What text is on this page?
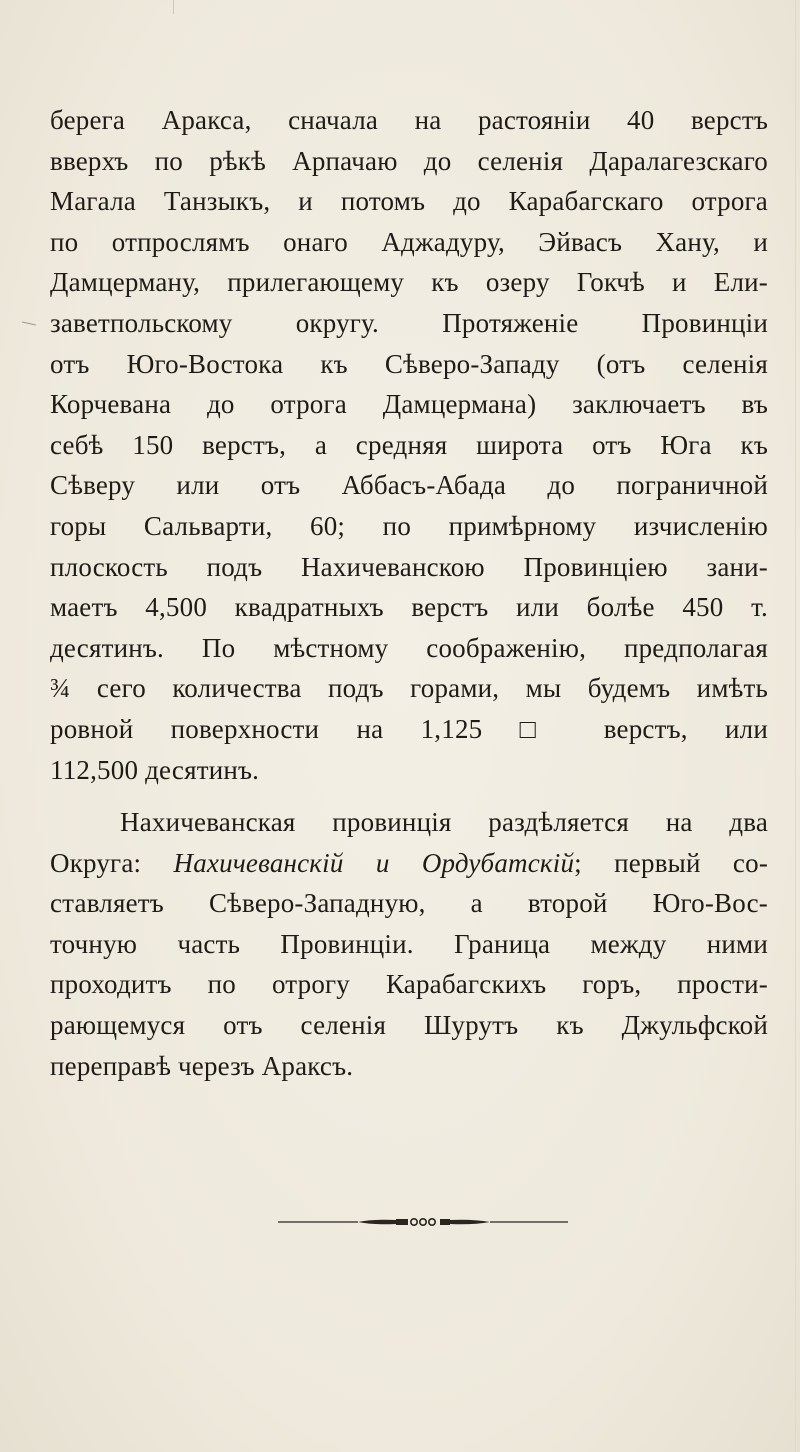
берега Аракса, сначала на растояніи 40 верстъ
вверхъ по рѣкѣ Арпачаю до селенія Даралагезскаго
Магала Танзыкъ, и потомъ до Карабагскаго отрога
по отпрослямъ онаго Аджадуру, Эйвасъ Хану, и
Дамцерману, прилегающему къ озеру Гокчѣ и Ели-
заветпольскому округу. Протяженіе Провинціи
отъ Юго-Востока къ Сѣверо-Западу (отъ селенія
Корчевана до отрога Дамцермана) заключаетъ въ
себѣ 150 верстъ, а средняя широта отъ Юга къ
Сѣверу или отъ Аббасъ-Абада до пограничной
горы Сальварти, 60; по примѣрному изчисленію
плоскость подъ Нахичеванскою Провинціею зани-
маетъ 4,500 квадратныхъ верстъ или болѣе 450 т.
десятинъ. По мѣстному соображенію, предполагая
¾ сего количества подъ горами, мы будемъ имѣть
ровной поверхности на 1,125 □ верстъ, или
112,500 десятинъ.
Нахичеванская провинція раздѣляется на два
Округа: Нахичеванскій и Ордубатскій; первый со-
ставляетъ Сѣверо-Западную, а второй Юго-Вос-
точную часть Провинціи. Граница между ними
проходитъ по отрогу Карабагскихъ горъ, прости-
рающемуся отъ селенія Шурутъ къ Джульфской
переправѣ черезъ Араксъ.
